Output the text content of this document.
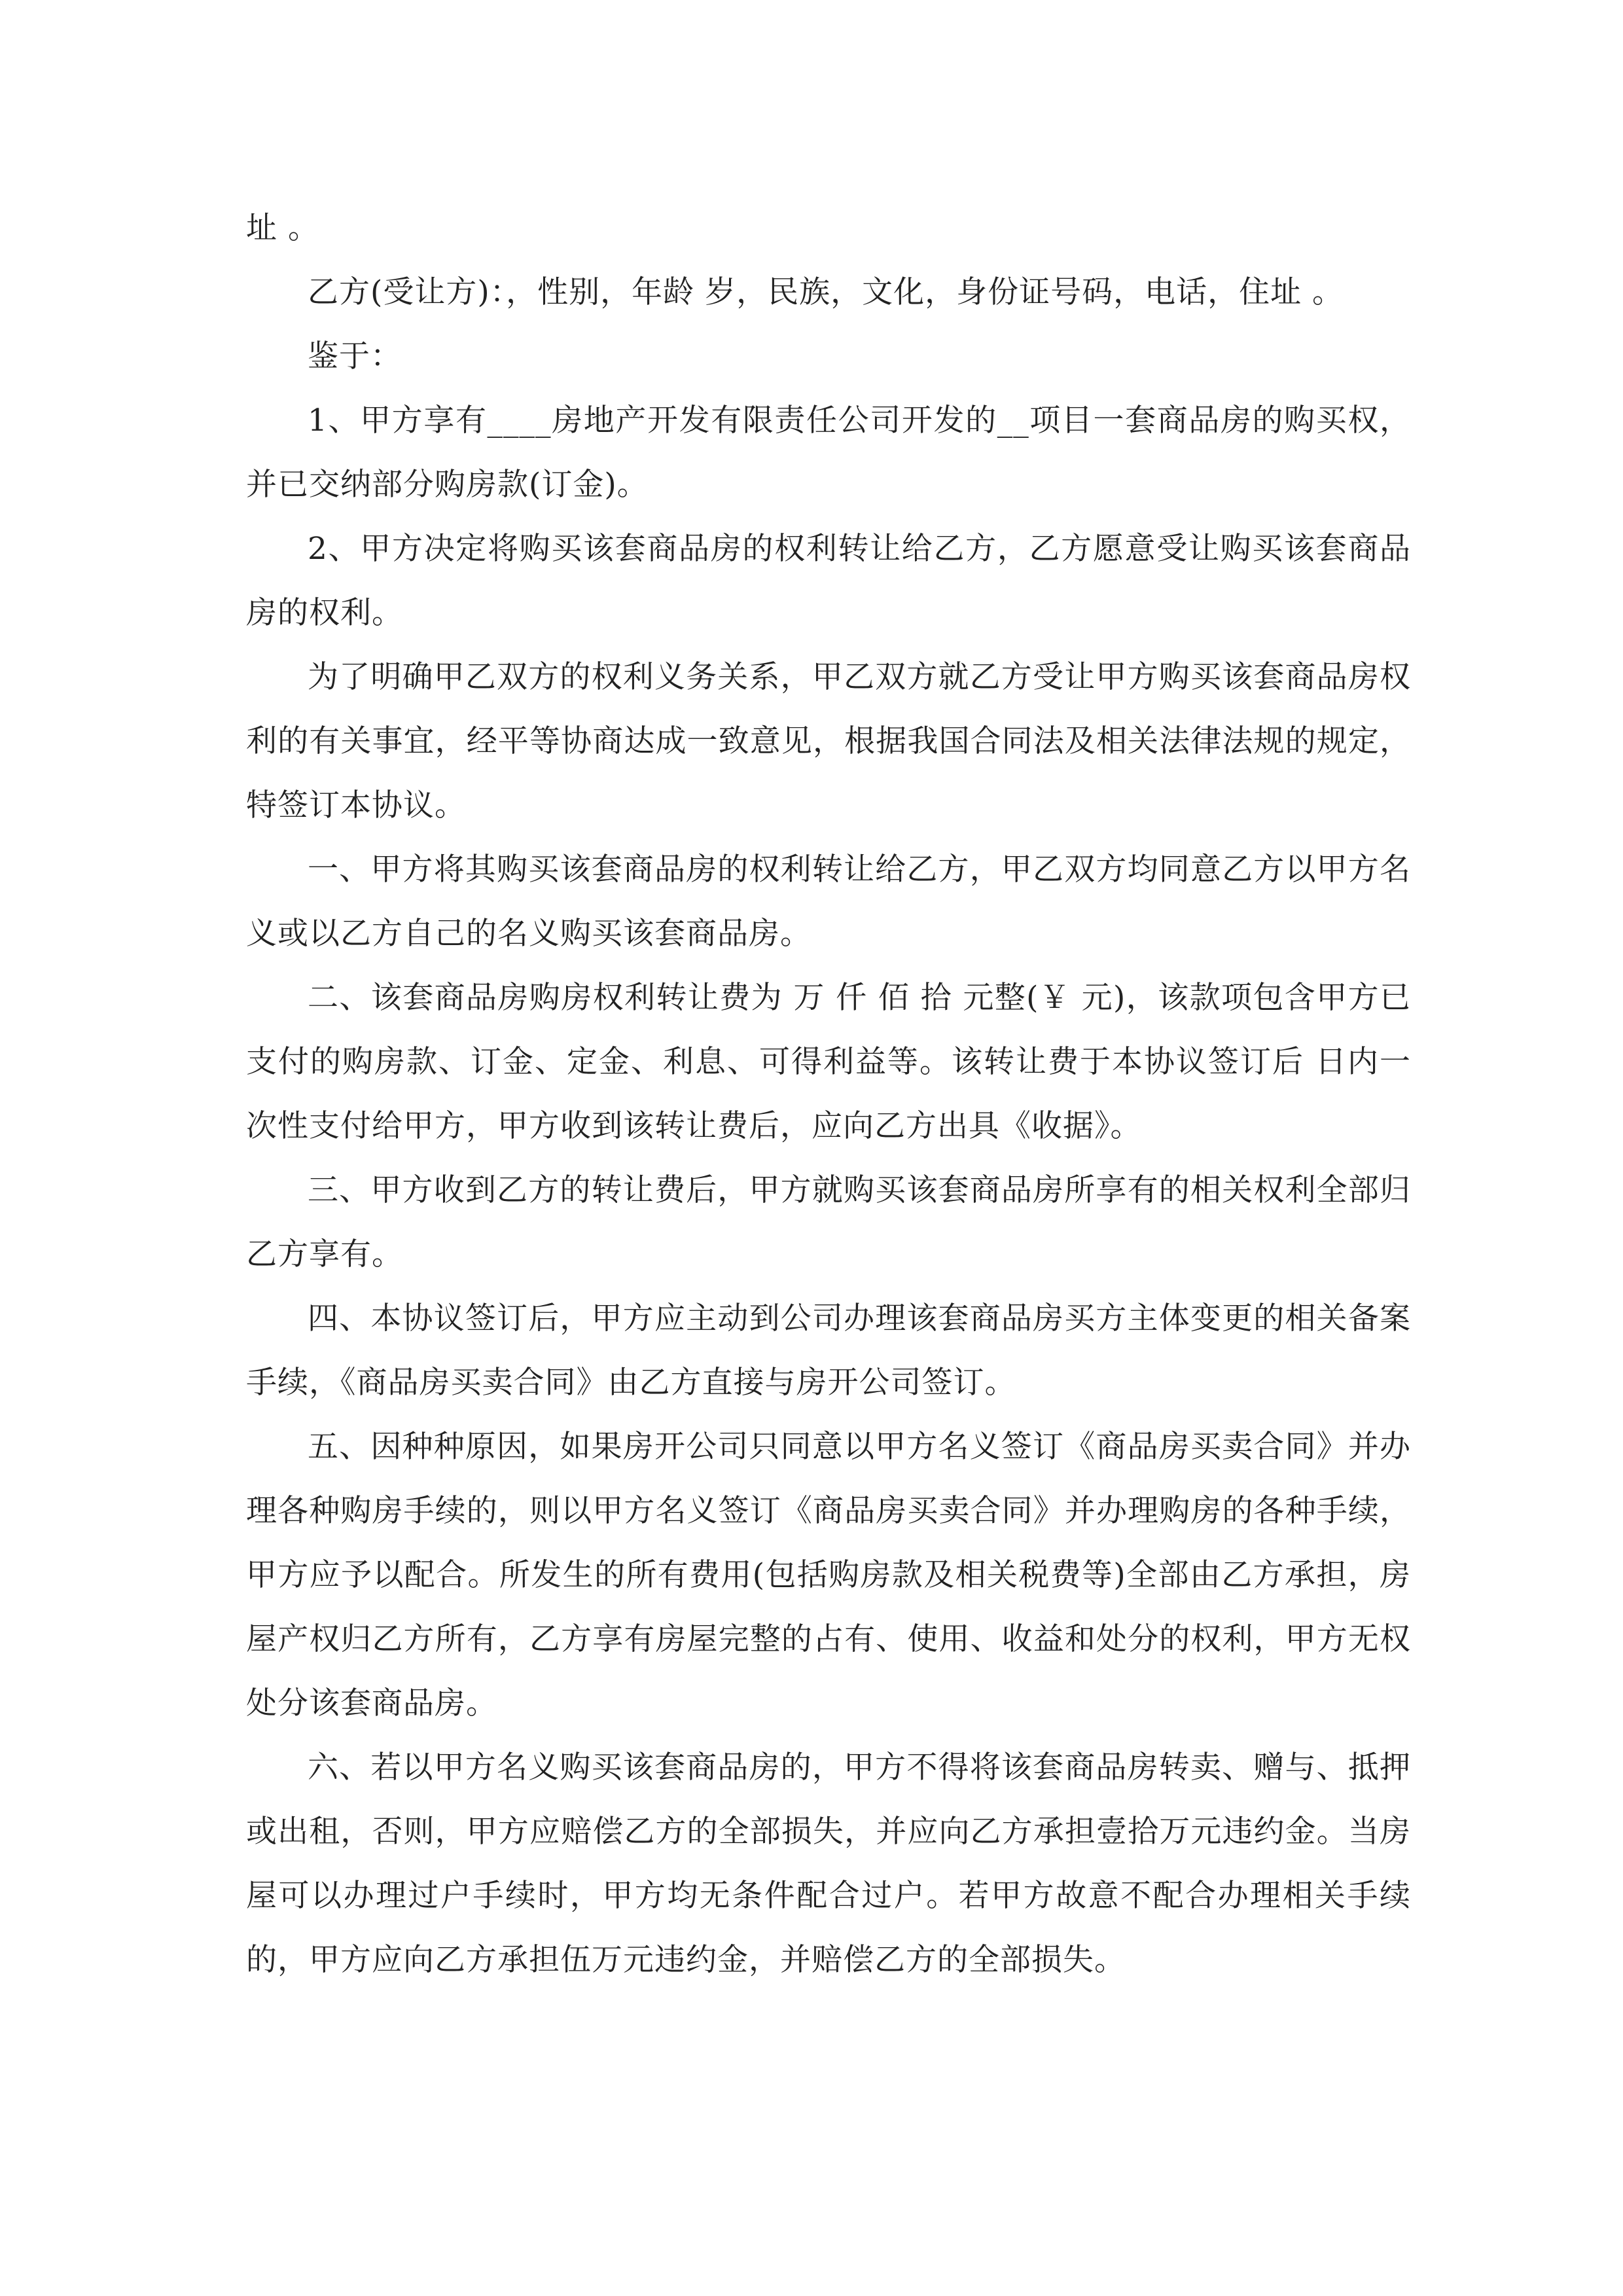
址 。

乙方(受让方)：，性别，年龄 岁，民族，文化，身份证号码，电话，住址 。

鉴于：

1、甲方享有____房地产开发有限责任公司开发的__项目一套商品房的购买权，并已交纳部分购房款(订金)。

2、甲方决定将购买该套商品房的权利转让给乙方，乙方愿意受让购买该套商品房的权利。

为了明确甲乙双方的权利义务关系，甲乙双方就乙方受让甲方购买该套商品房权利的有关事宜，经平等协商达成一致意见，根据我国合同法及相关法律法规的规定，特签订本协议。

一、甲方将其购买该套商品房的权利转让给乙方，甲乙双方均同意乙方以甲方名义或以乙方自己的名义购买该套商品房。

二、该套商品房购房权利转让费为 万 仟 佰 拾 元整(￥ 元)，该款项包含甲方已支付的购房款、订金、定金、利息、可得利益等。该转让费于本协议签订后 日内一次性支付给甲方，甲方收到该转让费后，应向乙方出具《收据》。

三、甲方收到乙方的转让费后，甲方就购买该套商品房所享有的相关权利全部归乙方享有。

四、本协议签订后，甲方应主动到公司办理该套商品房买方主体变更的相关备案手续，《商品房买卖合同》由乙方直接与房开公司签订。

五、因种种原因，如果房开公司只同意以甲方名义签订《商品房买卖合同》并办理各种购房手续的，则以甲方名义签订《商品房买卖合同》并办理购房的各种手续，甲方应予以配合。所发生的所有费用(包括购房款及相关税费等)全部由乙方承担，房屋产权归乙方所有，乙方享有房屋完整的占有、使用、收益和处分的权利，甲方无权处分该套商品房。

六、若以甲方名义购买该套商品房的，甲方不得将该套商品房转卖、赠与、抵押或出租，否则，甲方应赔偿乙方的全部损失，并应向乙方承担壹拾万元违约金。当房屋可以办理过户手续时，甲方均无条件配合过户。若甲方故意不配合办理相关手续的，甲方应向乙方承担伍万元违约金，并赔偿乙方的全部损失。
